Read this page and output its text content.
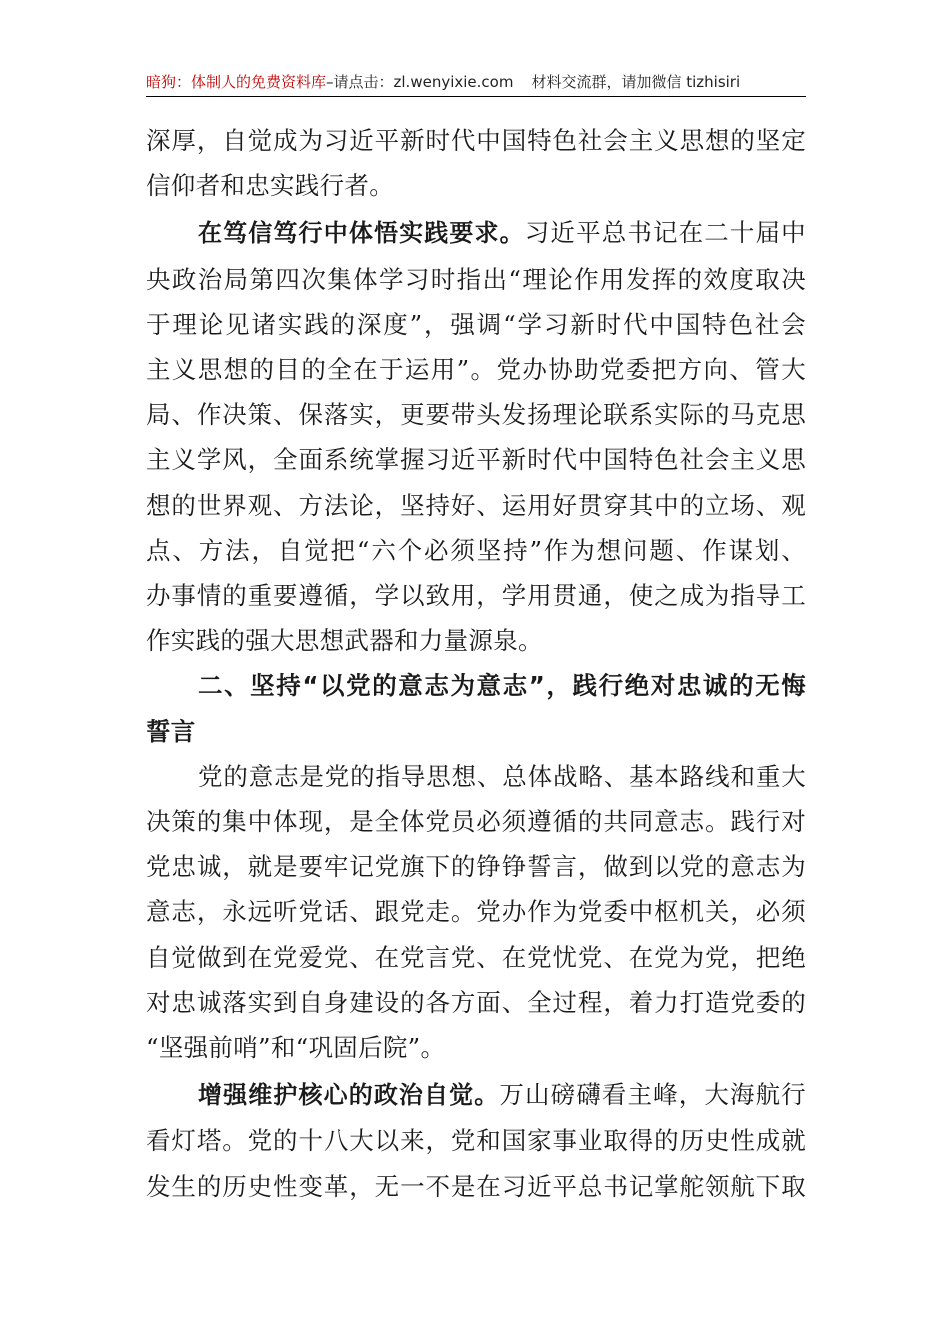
暗狗：体制人的免费资料库 –请点击：zl.wenyixie.com 材料交流群，请加微信 tizhisiri

深厚，自觉成为习近平新时代中国特色社会主义思想的坚定
信仰者和忠实践行者。

在笃信笃行中体悟实践要求。习近平总书记在二十届中
央政治局第四次集体学习时指出“理论作用发挥的效度取决
于理论见诸实践的深度”，强调“学习新时代中国特色社会
主义思想的目的全在于运用”。党办协助党委把方向、管大
局、作决策、保落实，更要带头发扬理论联系实际的马克思
主义学风，全面系统掌握习近平新时代中国特色社会主义思
想的世界观、方法论，坚持好、运用好贯穿其中的立场、观
点、方法，自觉把“六个必须坚持”作为想问题、作谋划、
办事情的重要遵循，学以致用，学用贯通，使之成为指导工
作实践的强大思想武器和力量源泉。

二、坚持“以党的意志为意志”，践行绝对忠诚的无悔
誓言

党的意志是党的指导思想、总体战略、基本路线和重大
决策的集中体现，是全体党员必须遵循的共同意志。践行对
党忠诚，就是要牢记党旗下的铮铮誓言，做到以党的意志为
意志，永远听党话、跟党走。党办作为党委中枢机关，必须
自觉做到在党爱党、在党言党、在党忧党、在党为党，把绝
对忠诚落实到自身建设的各方面、全过程，着力打造党委的
“坚强前哨”和“巩固后院”。

增强维护核心的政治自觉。万山磅礴看主峰，大海航行
看灯塔。党的十八大以来，党和国家事业取得的历史性成就
发生的历史性变革，无一不是在习近平总书记掌舵领航下取
